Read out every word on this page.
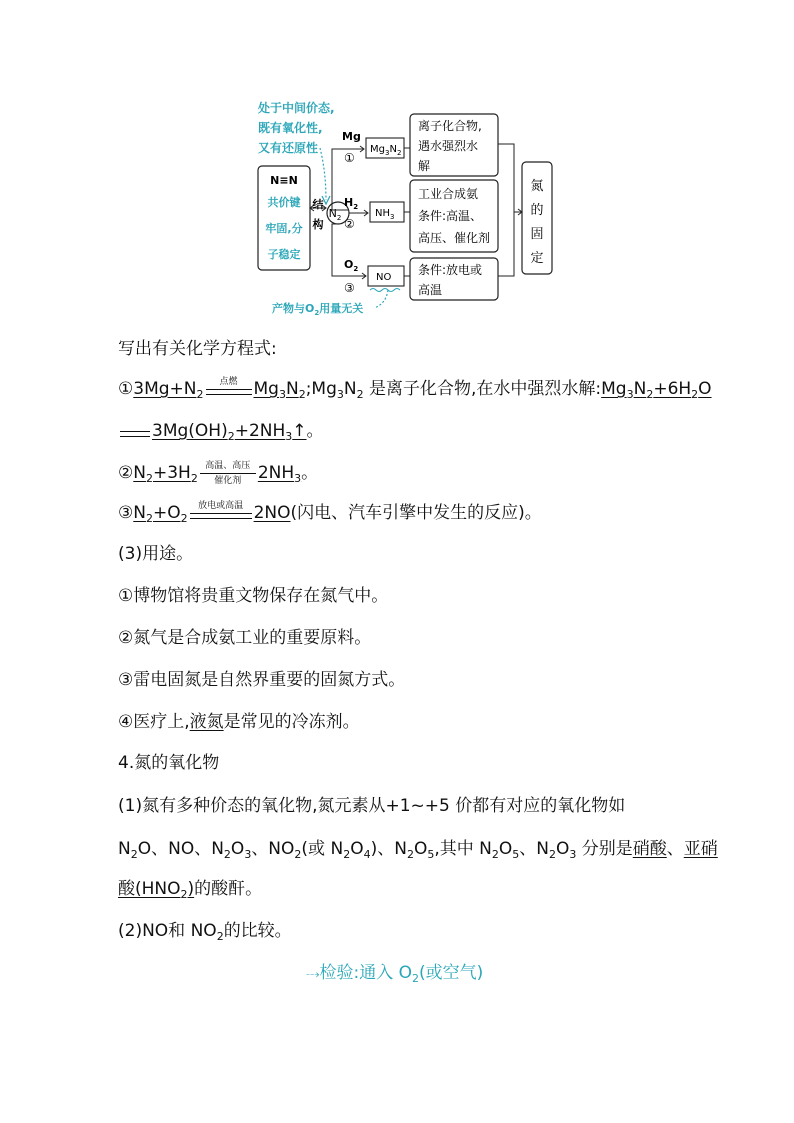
处于中间价态,
既有氧化性,
又有还原性
N≡N
共价键
牢固,分
子稳定
结
构
$N_2$
Mg
①
$H_2$
②
$O_2$
③
$Mg_3N_2$
$NH_3$
NO
离子化合物,
遇水强烈水
解
工业合成氨
条件:高温、
高压、催化剂
条件:放电或
高温
氮
的
固
定
产物与$O_2$用量无关
写出有关化学方程式:
$①3Mg+N_2$
点燃 $Mg_3N_2;Mg_3N_2$ 是离子化合物,在水中强烈水解$:Mg_3N_2+6H_2O$
$3Mg(OH)_2+2NH_3↑$。
$②N_2+3H_2$
高温、高压
催化剂 $2NH_3$。
$③N_2+O_2$
放电或高温 2NO(闪电、汽车引擎中发生的反应)。
(3)用途。
①博物馆将贵重文物保存在氮气中。
②氮气是合成氨工业的重要原料。
③雷电固氮是自然界重要的固氮方式。
④医疗上,液氮是常见的冷冻剂。
4.氮的氧化物
(1)氮有多种价态的氧化物,氮元素从+1~+5 价都有对应的氧化物如
$N_2O$、NO、$N_2O_3$、$NO_2$(或 $N_2O_4$)、$N_2O_5$,其中 $N_2O_5$、$N_2O_3$ 分别是硝酸、亚硝
酸$(HNO_2)$的酸酐。
(2)NO和 $NO_2$的比较。
⤏检验:通入 $O_2$(或空气)
